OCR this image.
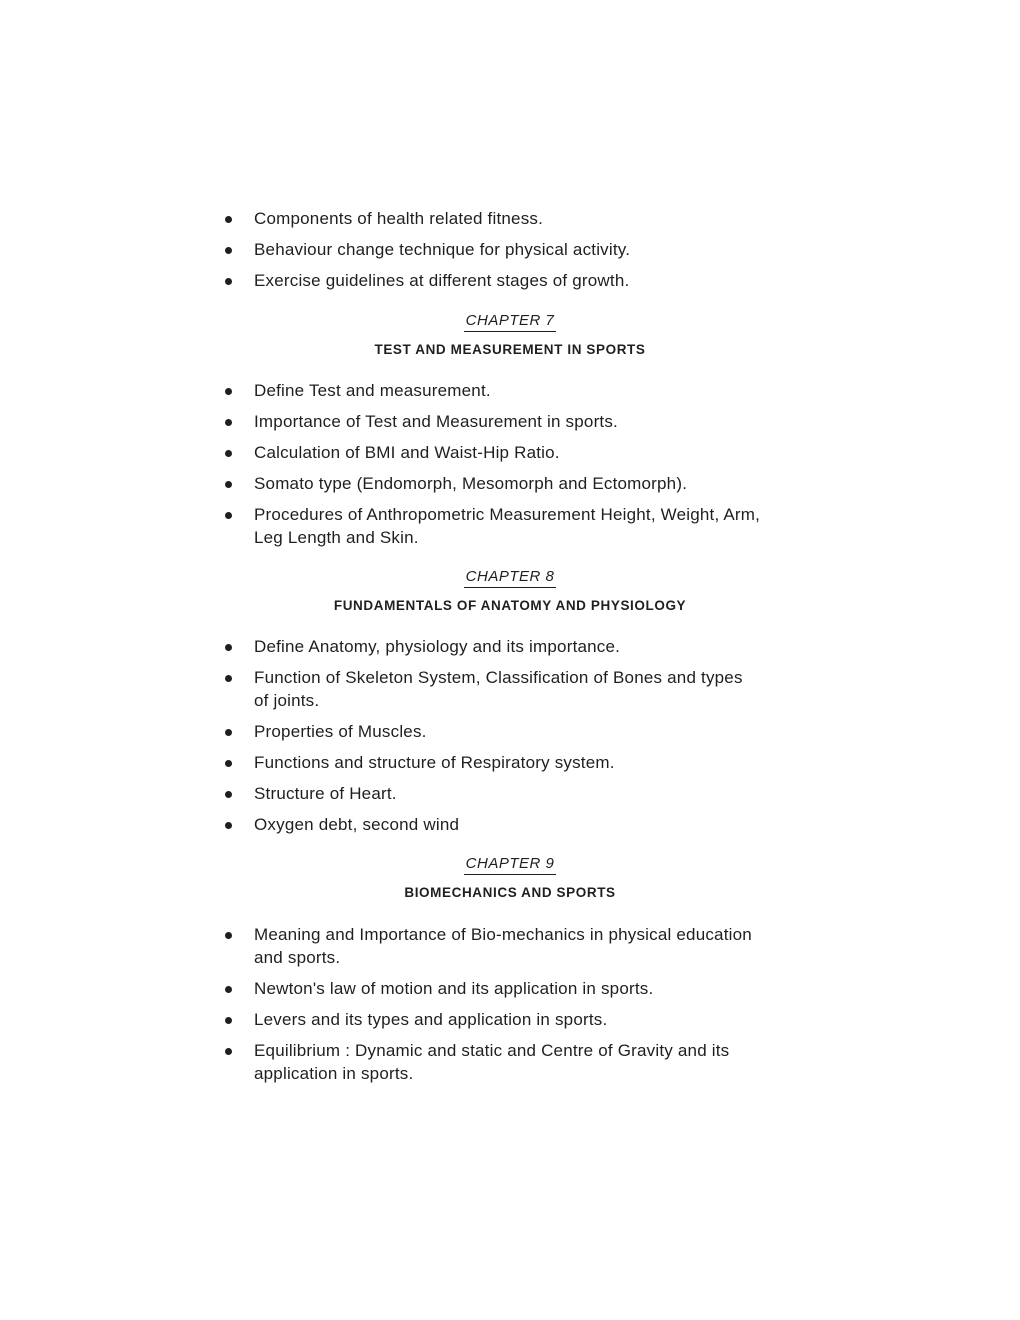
Components of health related fitness.
Behaviour change technique for physical activity.
Exercise guidelines at different stages of growth.
CHAPTER 7
TEST AND MEASUREMENT IN SPORTS
Define Test and measurement.
Importance of Test and Measurement in sports.
Calculation of BMI and Waist-Hip Ratio.
Somato type (Endomorph, Mesomorph and Ectomorph).
Procedures of Anthropometric Measurement Height, Weight, Arm, Leg Length and Skin.
CHAPTER 8
FUNDAMENTALS OF ANATOMY AND PHYSIOLOGY
Define Anatomy, physiology and its importance.
Function of Skeleton System, Classification of Bones and types of joints.
Properties of Muscles.
Functions and structure of Respiratory system.
Structure of Heart.
Oxygen debt, second wind
CHAPTER 9
BIOMECHANICS AND SPORTS
Meaning and Importance of Bio-mechanics in physical education and sports.
Newton's law of motion and its application in sports.
Levers and its types and application in sports.
Equilibrium : Dynamic and static and Centre of Gravity and its application in sports.
